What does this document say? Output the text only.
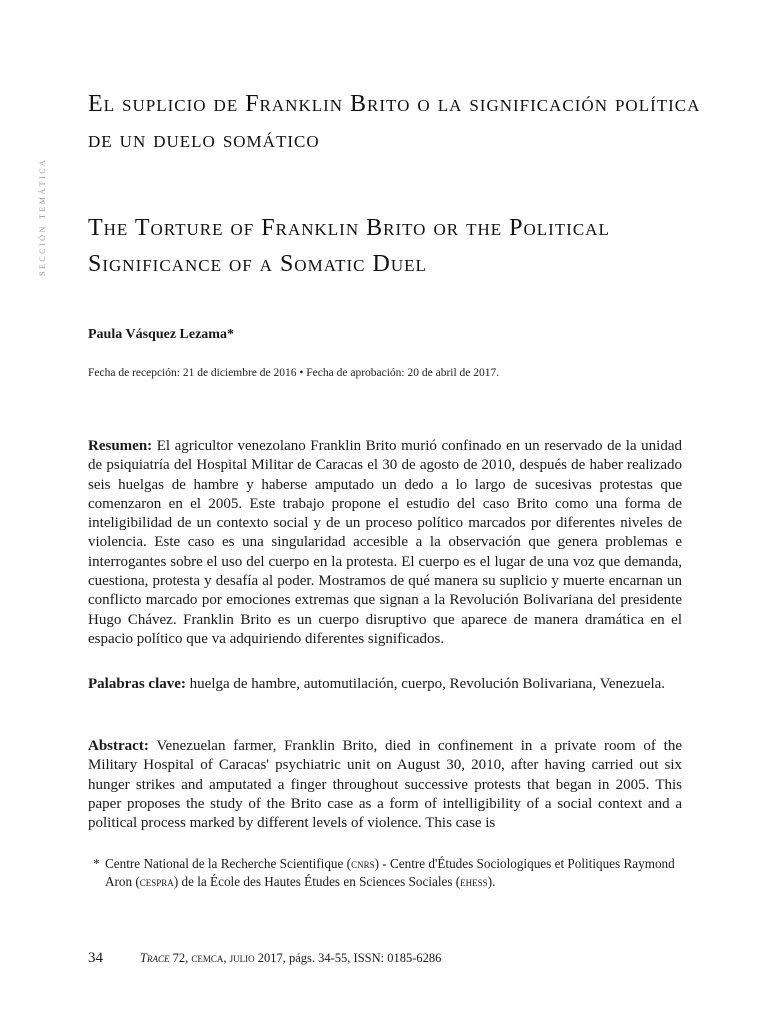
sección temática
El suplicio de Franklin Brito o la significación política de un duelo somático
The Torture of Franklin Brito or the Political Significance of a Somatic Duel

Paula Vásquez Lezama*

Fecha de recepción: 21 de diciembre de 2016 • Fecha de aprobación: 20 de abril de 2017.

Resumen: El agricultor venezolano Franklin Brito murió confinado en un reservado de la unidad de psiquiatría del Hospital Militar de Caracas el 30 de agosto de 2010, después de haber realizado seis huelgas de hambre y haberse amputado un dedo a lo largo de sucesivas protestas que comenzaron en el 2005. Este trabajo propone el estudio del caso Brito como una forma de inteligibilidad de un contexto social y de un proceso político marcados por diferentes niveles de violencia. Este caso es una singularidad accesible a la observación que genera problemas e interrogantes sobre el uso del cuerpo en la protesta. El cuerpo es el lugar de una voz que demanda, cuestiona, protesta y desafía al poder. Mostramos de qué manera su suplicio y muerte encarnan un conflicto marcado por emociones extremas que signan a la Revolución Bolivariana del presidente Hugo Chávez. Franklin Brito es un cuerpo disruptivo que aparece de manera dramática en el espacio político que va adquiriendo diferentes significados.

Palabras clave: huelga de hambre, automutilación, cuerpo, Revolución Bolivariana, Venezuela.

Abstract: Venezuelan farmer, Franklin Brito, died in confinement in a private room of the Military Hospital of Caracas' psychiatric unit on August 30, 2010, after having carried out six hunger strikes and amputated a finger throughout successive protests that began in 2005. This paper proposes the study of the Brito case as a form of intelligibility of a social context and a political process marked by different levels of violence. This case is

* Centre National de la Recherche Scientifique (cnrs) - Centre d'Études Sociologiques et Politiques Raymond Aron (cespra) de la École des Hautes Études en Sciences Sociales (ehess).

34	Trace 72, cemca, julio 2017, págs. 34-55, ISSN: 0185-6286
